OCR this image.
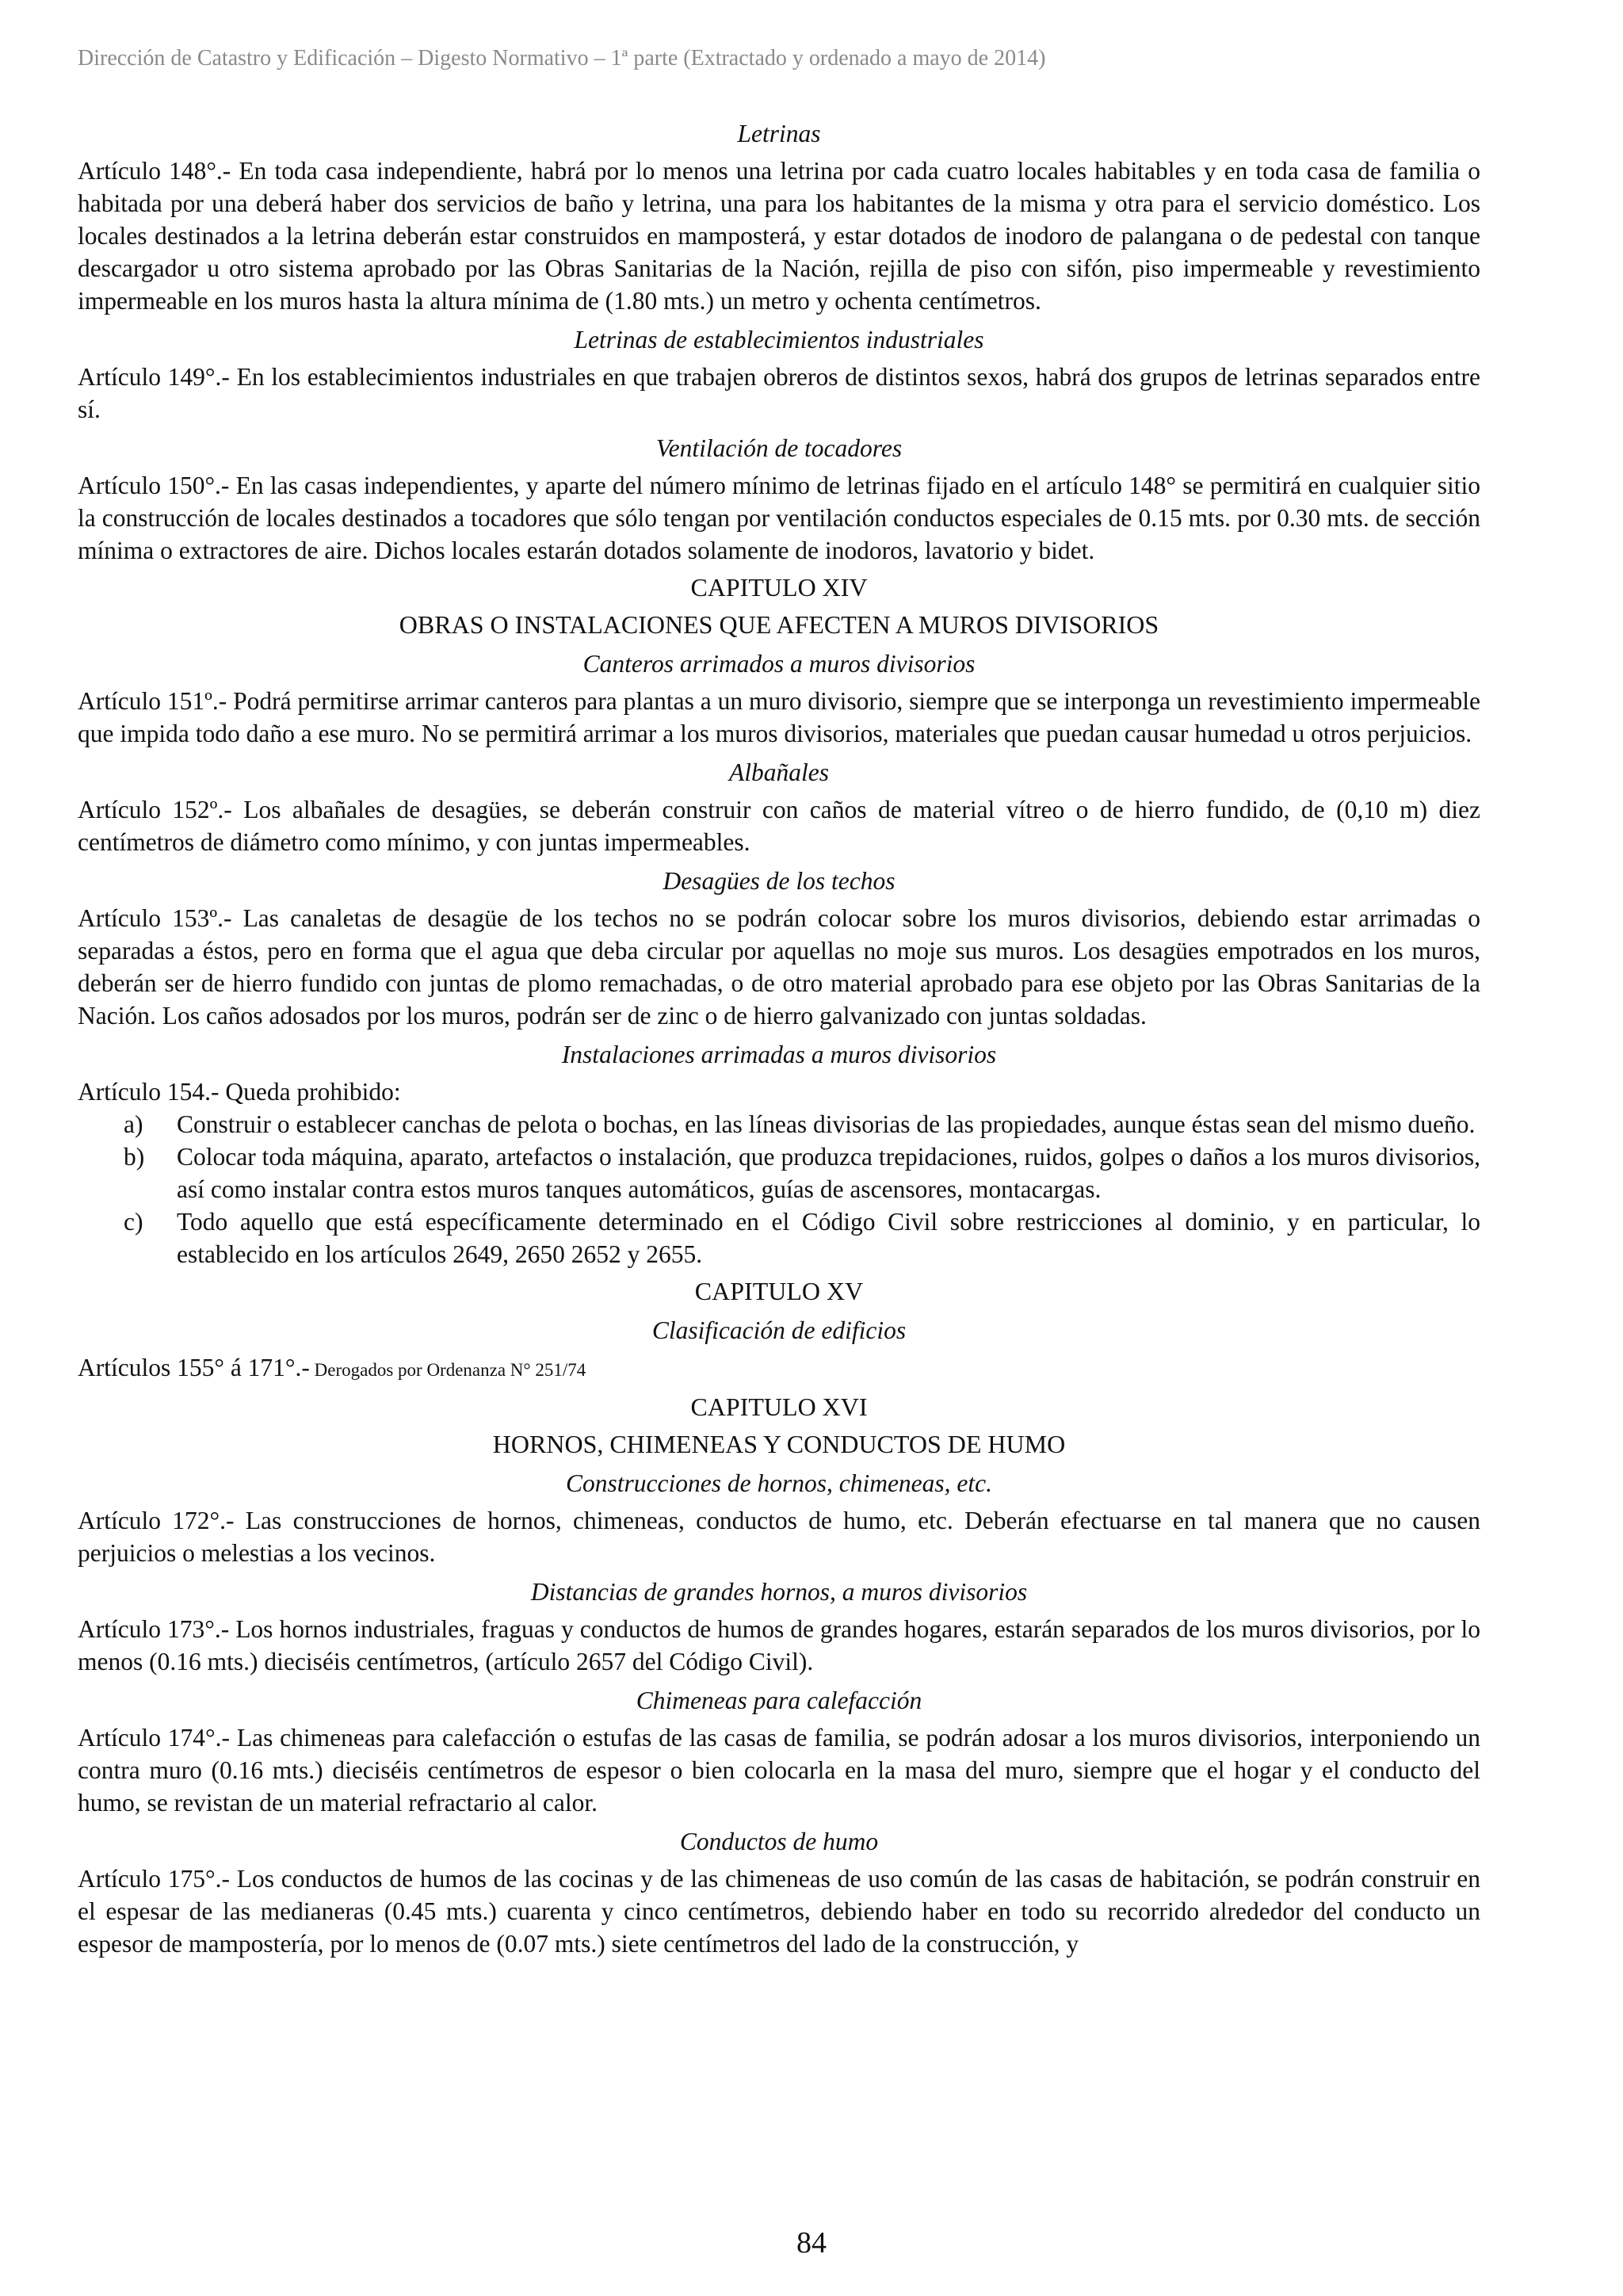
Dirección de Catastro y Edificación – Digesto Normativo – 1ª parte (Extractado y ordenado a mayo de 2014)
Letrinas

Artículo 148°.- En toda casa independiente, habrá por lo menos una letrina por cada cuatro locales habitables y en toda casa de familia o habitada por una deberá haber dos servicios de baño y letrina, una para los habitantes de la misma y otra para el servicio doméstico. Los locales destinados a la letrina deberán estar construidos en mamposterá, y estar dotados de inodoro de palangana o de pedestal con tanque descargador u otro sistema aprobado por las Obras Sanitarias de la Nación, rejilla de piso con sifón, piso impermeable y revestimiento impermeable en los muros hasta la altura mínima de (1.80 mts.) un metro y ochenta centímetros.

Letrinas de establecimientos industriales

Artículo 149°.- En los establecimientos industriales en que trabajen obreros de distintos sexos, habrá dos grupos de letrinas separados entre sí.

Ventilación de tocadores

Artículo 150°.- En las casas independientes, y aparte del número mínimo de letrinas fijado en el artículo 148° se permitirá en cualquier sitio la construcción de locales destinados a tocadores que sólo tengan por ventilación conductos especiales de 0.15 mts. por 0.30 mts. de sección mínima o extractores de aire. Dichos locales estarán dotados solamente de inodoros, lavatorio y bidet.

CAPITULO XIV
OBRAS O INSTALACIONES QUE AFECTEN A MUROS DIVISORIOS
Canteros arrimados a muros divisorios

Artículo 151º.- Podrá permitirse arrimar canteros para plantas a un muro divisorio, siempre que se interponga un revestimiento impermeable que impida todo daño a ese muro. No se permitirá arrimar a los muros divisorios, materiales que puedan causar humedad u otros perjuicios.

Albañales

Artículo 152º.- Los albañales de desagües, se deberán construir con caños de material vítreo o de hierro fundido, de (0,10 m) diez centímetros de diámetro como mínimo, y con juntas impermeables.

Desagües de los techos

Artículo 153º.- Las canaletas de desagüe de los techos no se podrán colocar sobre los muros divisorios, debiendo estar arrimadas o separadas a éstos, pero en forma que el agua que deba circular por aquellas no moje sus muros. Los desagües empotrados en los muros, deberán ser de hierro fundido con juntas de plomo remachadas, o de otro material aprobado para ese objeto por las Obras Sanitarias de la Nación. Los caños adosados por los muros, podrán ser de zinc o de hierro galvanizado con juntas soldadas.

Instalaciones arrimadas a muros divisorios

Artículo 154.- Queda prohibido:

a) Construir o establecer canchas de pelota o bochas, en las líneas divisorias de las propiedades, aunque éstas sean del mismo dueño.
b) Colocar toda máquina, aparato, artefactos o instalación, que produzca trepidaciones, ruidos, golpes o daños a los muros divisorios, así como instalar contra estos muros tanques automáticos, guías de ascensores, montacargas.
c) Todo aquello que está específicamente determinado en el Código Civil sobre restricciones al dominio, y en particular, lo establecido en los artículos 2649, 2650 2652 y 2655.
CAPITULO XV
Clasificación de edificios

Artículos 155° á 171°.- Derogados por Ordenanza N° 251/74

CAPITULO XVI
HORNOS, CHIMENEAS Y CONDUCTOS DE HUMO
Construcciones de hornos, chimeneas, etc.

Artículo 172°.- Las construcciones de hornos, chimeneas, conductos de humo, etc. Deberán efectuarse en tal manera que no causen perjuicios o melestias a los vecinos.

Distancias de grandes hornos, a muros divisorios

Artículo 173°.- Los hornos industriales, fraguas y conductos de humos de grandes hogares, estarán separados de los muros divisorios, por lo menos (0.16 mts.) dieciséis centímetros, (artículo 2657 del Código Civil).

Chimeneas para calefacción

Artículo 174°.- Las chimeneas para calefacción o estufas de las casas de familia, se podrán adosar a los muros divisorios, interponiendo un contra muro (0.16 mts.) dieciséis centímetros de espesor o bien colocarla en la masa del muro, siempre que el hogar y el conducto del humo, se revistan de un material refractario al calor.

Conductos de humo

Artículo 175°.- Los conductos de humos de las cocinas y de las chimeneas de uso común de las casas de habitación, se podrán construir en el espesar de las medianeras (0.45 mts.) cuarenta y cinco centímetros, debiendo haber en todo su recorrido alrededor del conducto un espesor de mampostería, por lo menos de (0.07 mts.) siete centímetros del lado de la construcción, y

84
